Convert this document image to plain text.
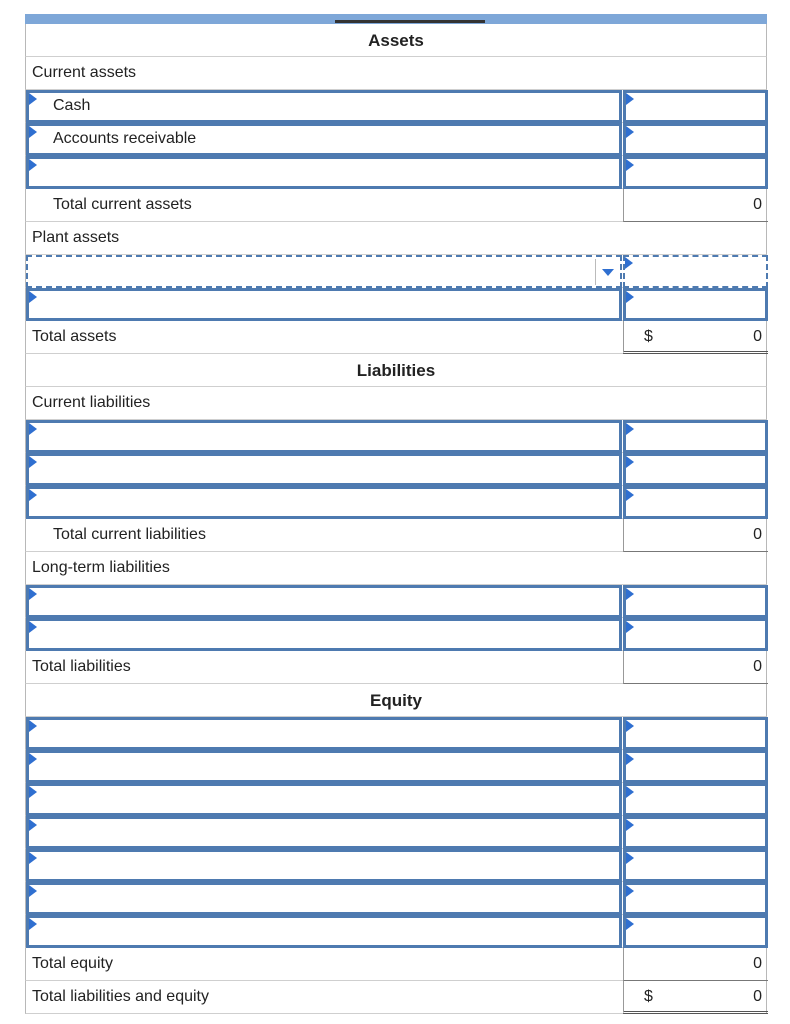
Assets
Current assets
Cash
Accounts receivable
Total current assets	0
Plant assets
Total assets	$	0
Liabilities
Current liabilities
Total current liabilities	0
Long-term liabilities
Total liabilities	0
Equity
Total equity	0
Total liabilities and equity	$	0
